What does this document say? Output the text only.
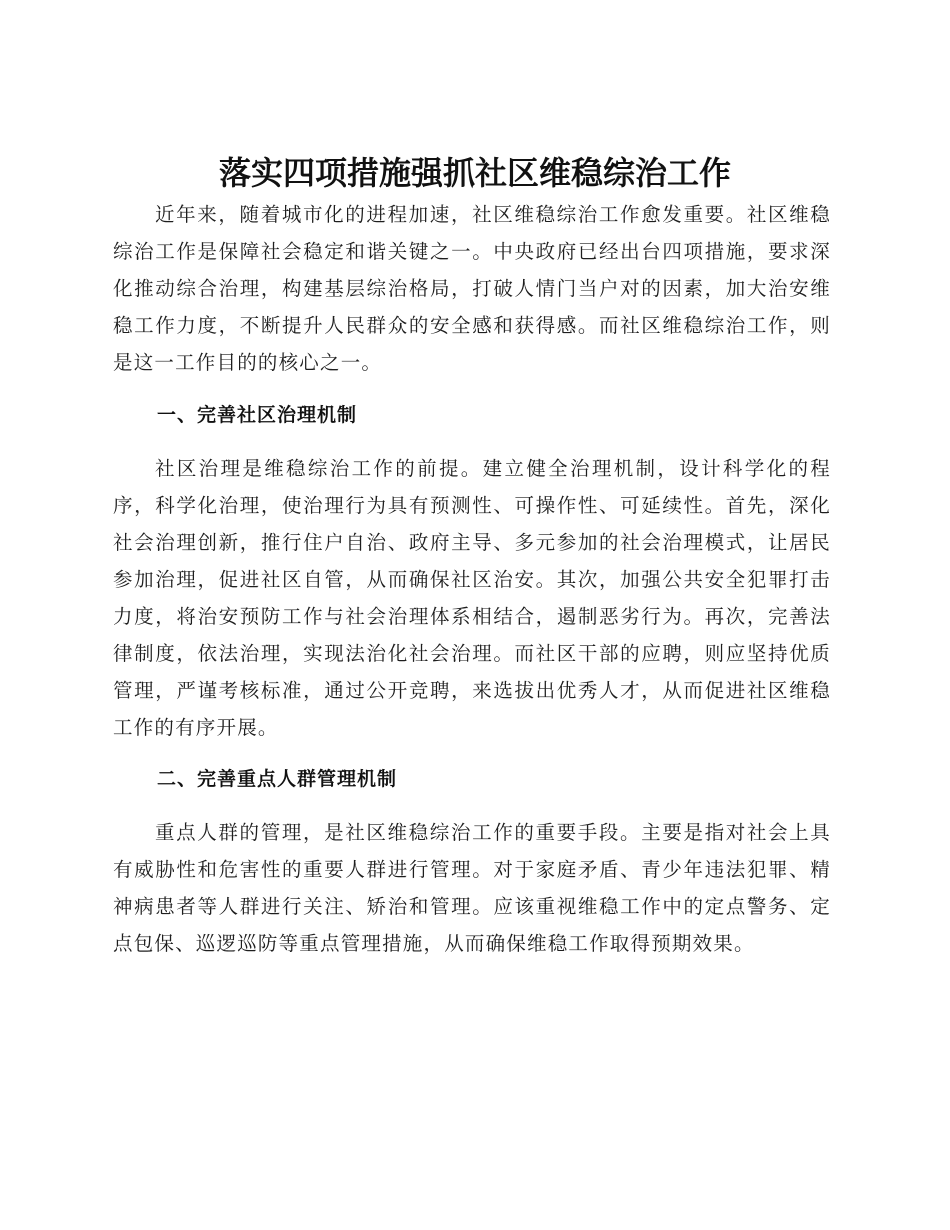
落实四项措施强抓社区维稳综治工作

近年来，随着城市化的进程加速，社区维稳综治工作愈发重要。社区维稳综治工作是保障社会稳定和谐关键之一。中央政府已经出台四项措施，要求深化推动综合治理，构建基层综治格局，打破人情门当户对的因素，加大治安维稳工作力度，不断提升人民群众的安全感和获得感。而社区维稳综治工作，则是这一工作目的的核心之一。

一、完善社区治理机制

社区治理是维稳综治工作的前提。建立健全治理机制，设计科学化的程序，科学化治理，使治理行为具有预测性、可操作性、可延续性。首先，深化社会治理创新，推行住户自治、政府主导、多元参加的社会治理模式，让居民参加治理，促进社区自管，从而确保社区治安。其次，加强公共安全犯罪打击力度，将治安预防工作与社会治理体系相结合，遏制恶劣行为。再次，完善法律制度，依法治理，实现法治化社会治理。而社区干部的应聘，则应坚持优质管理，严谨考核标准，通过公开竞聘，来选拔出优秀人才，从而促进社区维稳工作的有序开展。

二、完善重点人群管理机制

重点人群的管理，是社区维稳综治工作的重要手段。主要是指对社会上具有威胁性和危害性的重要人群进行管理。对于家庭矛盾、青少年违法犯罪、精神病患者等人群进行关注、矫治和管理。应该重视维稳工作中的定点警务、定点包保、巡逻巡防等重点管理措施，从而确保维稳工作取得预期效果。
